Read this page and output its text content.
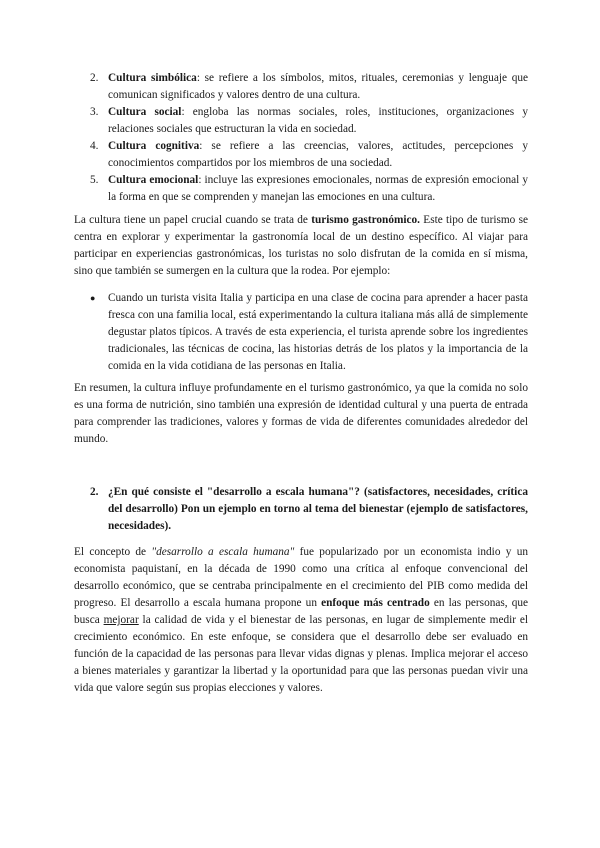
2. Cultura simbólica: se refiere a los símbolos, mitos, rituales, ceremonias y lenguaje que comunican significados y valores dentro de una cultura.
3. Cultura social: engloba las normas sociales, roles, instituciones, organizaciones y relaciones sociales que estructuran la vida en sociedad.
4. Cultura cognitiva: se refiere a las creencias, valores, actitudes, percepciones y conocimientos compartidos por los miembros de una sociedad.
5. Cultura emocional: incluye las expresiones emocionales, normas de expresión emocional y la forma en que se comprenden y manejan las emociones en una cultura.

La cultura tiene un papel crucial cuando se trata de turismo gastronómico. Este tipo de turismo se centra en explorar y experimentar la gastronomía local de un destino específico. Al viajar para participar en experiencias gastronómicas, los turistas no solo disfrutan de la comida en sí misma, sino que también se sumergen en la cultura que la rodea. Por ejemplo:

● Cuando un turista visita Italia y participa en una clase de cocina para aprender a hacer pasta fresca con una familia local, está experimentando la cultura italiana más allá de simplemente degustar platos típicos. A través de esta experiencia, el turista aprende sobre los ingredientes tradicionales, las técnicas de cocina, las historias detrás de los platos y la importancia de la comida en la vida cotidiana de las personas en Italia.

En resumen, la cultura influye profundamente en el turismo gastronómico, ya que la comida no solo es una forma de nutrición, sino también una expresión de identidad cultural y una puerta de entrada para comprender las tradiciones, valores y formas de vida de diferentes comunidades alrededor del mundo.

2. ¿En qué consiste el "desarrollo a escala humana"? (satisfactores, necesidades, crítica del desarrollo) Pon un ejemplo en torno al tema del bienestar (ejemplo de satisfactores, necesidades).

El concepto de "desarrollo a escala humana" fue popularizado por un economista indio y un economista paquistaní, en la década de 1990 como una crítica al enfoque convencional del desarrollo económico, que se centraba principalmente en el crecimiento del PIB como medida del progreso. El desarrollo a escala humana propone un enfoque más centrado en las personas, que busca mejorar la calidad de vida y el bienestar de las personas, en lugar de simplemente medir el crecimiento económico. En este enfoque, se considera que el desarrollo debe ser evaluado en función de la capacidad de las personas para llevar vidas dignas y plenas. Implica mejorar el acceso a bienes materiales y garantizar la libertad y la oportunidad para que las personas puedan vivir una vida que valore según sus propias elecciones y valores.
